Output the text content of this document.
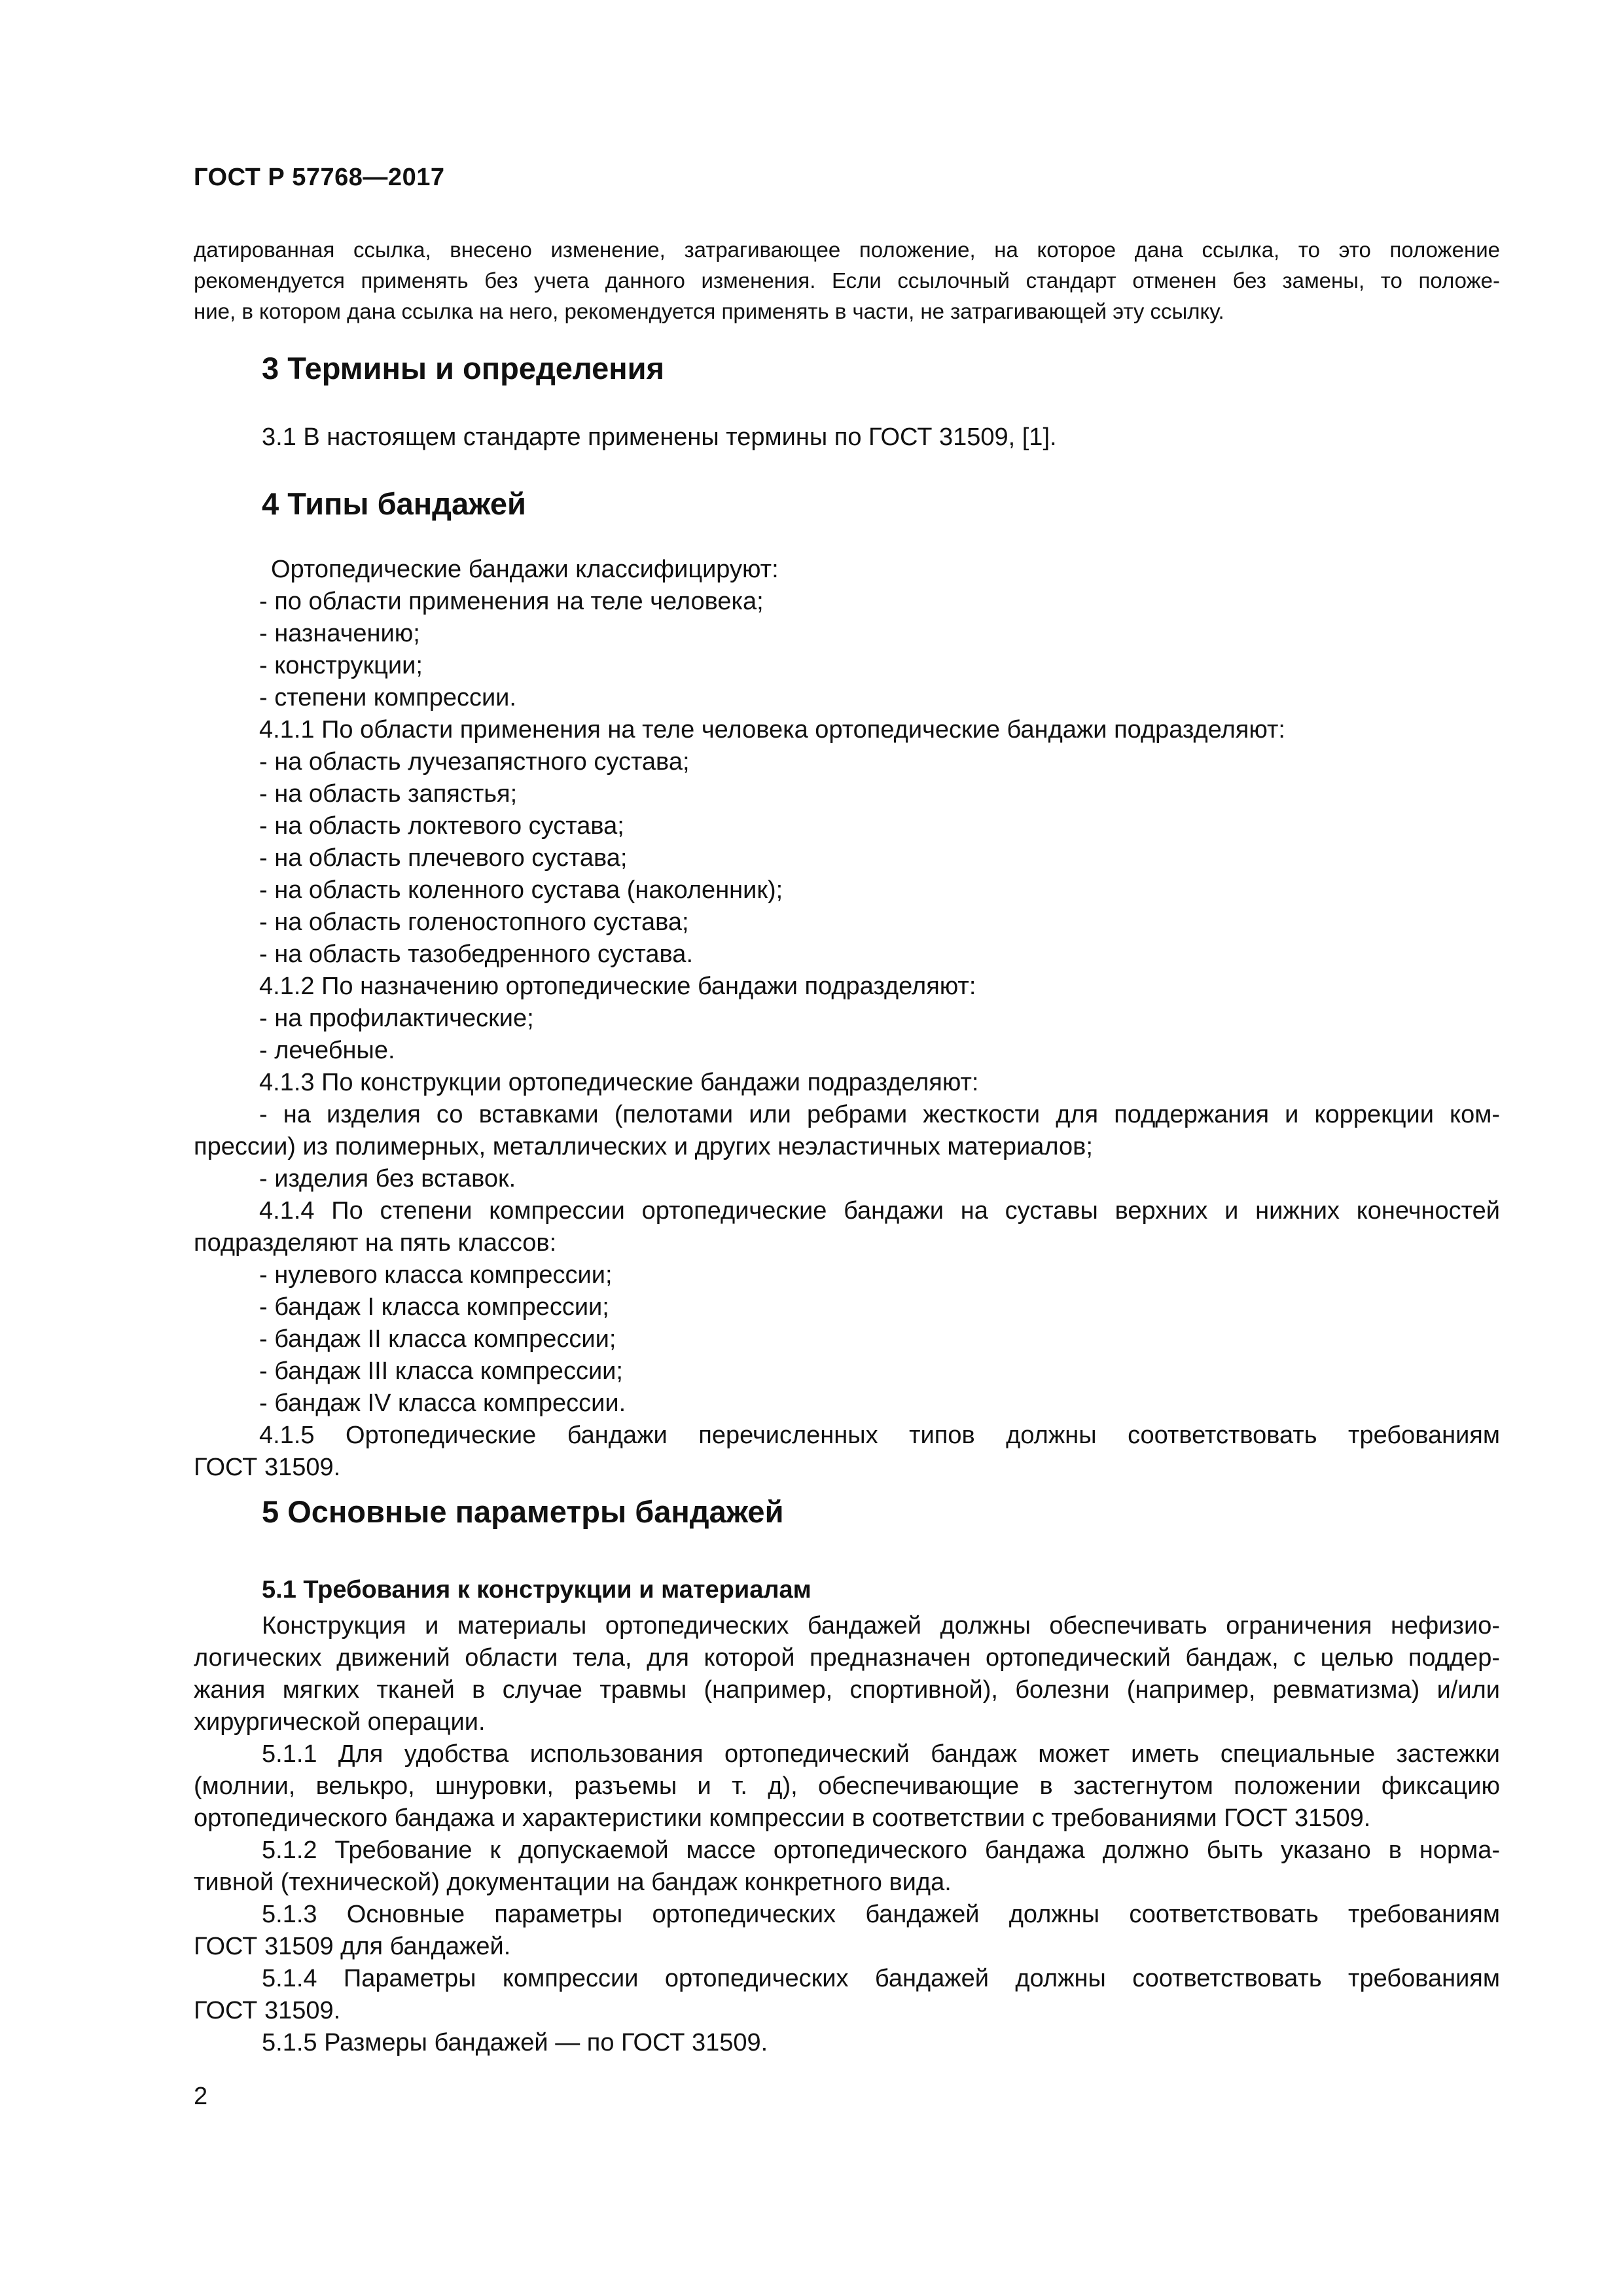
ГОСТ Р 57768—2017
датированная ссылка, внесено изменение, затрагивающее положение, на которое дана ссылка, то это положение
рекомендуется применять без учета данного изменения. Если ссылочный стандарт отменен без замены, то положе-
ние, в котором дана ссылка на него, рекомендуется применять в части, не затрагивающей эту ссылку.
3 Термины и определения
3.1 В настоящем стандарте применены термины по ГОСТ 31509, [1].
4 Типы бандажей
Ортопедические бандажи классифицируют:
- по области применения на теле человека;
- назначению;
- конструкции;
- степени компрессии.
4.1.1 По области применения на теле человека ортопедические бандажи подразделяют:
- на область лучезапястного сустава;
- на область запястья;
- на область локтевого сустава;
- на область плечевого сустава;
- на область коленного сустава (наколенник);
- на область голеностопного сустава;
- на область тазобедренного сустава.
4.1.2 По назначению ортопедические бандажи подразделяют:
- на профилактические;
- лечебные.
4.1.3 По конструкции ортопедические бандажи подразделяют:
- на изделия со вставками (пелотами или ребрами жесткости для поддержания и коррекции ком-
прессии) из полимерных, металлических и других неэластичных материалов;
- изделия без вставок.
4.1.4 По степени компрессии ортопедические бандажи на суставы верхних и нижних конечностей
подразделяют на пять классов:
- нулевого класса компрессии;
- бандаж I класса компрессии;
- бандаж II класса компрессии;
- бандаж III класса компрессии;
- бандаж IV класса компрессии.
4.1.5 Ортопедические бандажи перечисленных типов должны соответствовать требованиям
ГОСТ 31509.
5 Основные параметры бандажей
5.1 Требования к конструкции и материалам
Конструкция и материалы ортопедических бандажей должны обеспечивать ограничения нефизио-
логических движений области тела, для которой предназначен ортопедический бандаж, с целью поддер-
жания мягких тканей в случае травмы (например, спортивной), болезни (например, ревматизма) и/или
хирургической операции.
5.1.1 Для удобства использования ортопедический бандаж может иметь специальные застежки
(молнии, велькро, шнуровки, разъемы и т. д), обеспечивающие в застегнутом положении фиксацию
ортопедического бандажа и характеристики компрессии в соответствии с требованиями ГОСТ 31509.
5.1.2 Требование к допускаемой массе ортопедического бандажа должно быть указано в норма-
тивной (технической) документации на бандаж конкретного вида.
5.1.3 Основные параметры ортопедических бандажей должны соответствовать требованиям
ГОСТ 31509 для бандажей.
5.1.4 Параметры компрессии ортопедических бандажей должны соответствовать требованиям
ГОСТ 31509.
5.1.5 Размеры бандажей — по ГОСТ 31509.
2
